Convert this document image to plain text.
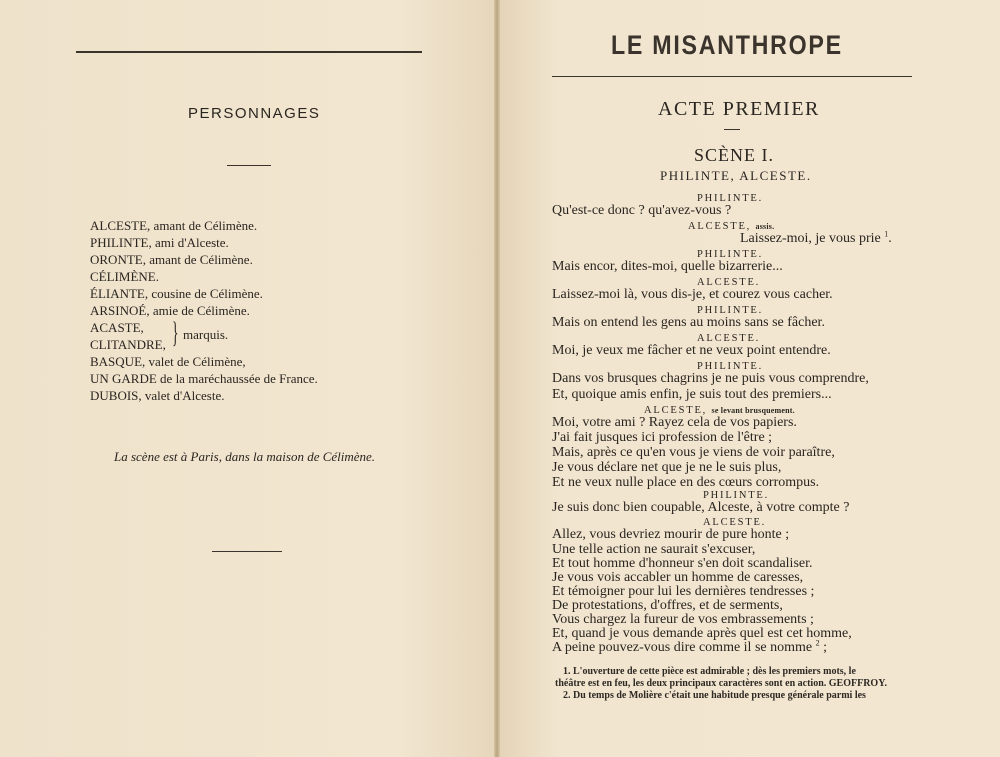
PERSONNAGES
ALCESTE, amant de Célimène.
PHILINTE, ami d'Alceste.
ORONTE, amant de Célimène.
CÉLIMÈNE.
ÉLIANTE, cousine de Célimène.
ARSINOÉ, amie de Célimène.
ACASTE,
CLITANDRE, } marquis.
BASQUE, valet de Célimène,
UN GARDE de la maréchaussée de France.
DUBOIS, valet d'Alceste.
La scène est à Paris, dans la maison de Célimène.
LE MISANTHROPE
ACTE PREMIER
SCÈNE I.
PHILINTE, ALCESTE.
PHILINTE.
Qu'est-ce donc ? qu'avez-vous ?
ALCESTE, assis.
Laissez-moi, je vous prie $^1$.
PHILINTE.
Mais encor, dites-moi, quelle bizarrerie...
ALCESTE.
Laissez-moi là, vous dis-je, et courez vous cacher.
PHILINTE.
Mais on entend les gens au moins sans se fâcher.
ALCESTE.
Moi, je veux me fâcher et ne veux point entendre.
PHILINTE.
Dans vos brusques chagrins je ne puis vous comprendre,
Et, quoique amis enfin, je suis tout des premiers...
ALCESTE, se levant brusquement.
Moi, votre ami ? Rayez cela de vos papiers.
J'ai fait jusques ici profession de l'être ;
Mais, après ce qu'en vous je viens de voir paraître,
Je vous déclare net que je ne le suis plus,
Et ne veux nulle place en des cœurs corrompus.
PHILINTE.
Je suis donc bien coupable, Alceste, à votre compte ?
ALCESTE.
Allez, vous devriez mourir de pure honte ;
Une telle action ne saurait s'excuser,
Et tout homme d'honneur s'en doit scandaliser.
Je vous vois accabler un homme de caresses,
Et témoigner pour lui les dernières tendresses ;
De protestations, d'offres, et de serments,
Vous chargez la fureur de vos embrassements ;
Et, quand je vous demande après quel est cet homme,
A peine pouvez-vous dire comme il se nomme $^2$ ;
1. L'ouverture de cette pièce est admirable ; dès les premiers mots, le
théâtre est en feu, les deux principaux caractères sont en action. GEOFFROY.
2. Du temps de Molière c'était une habitude presque générale parmi les
